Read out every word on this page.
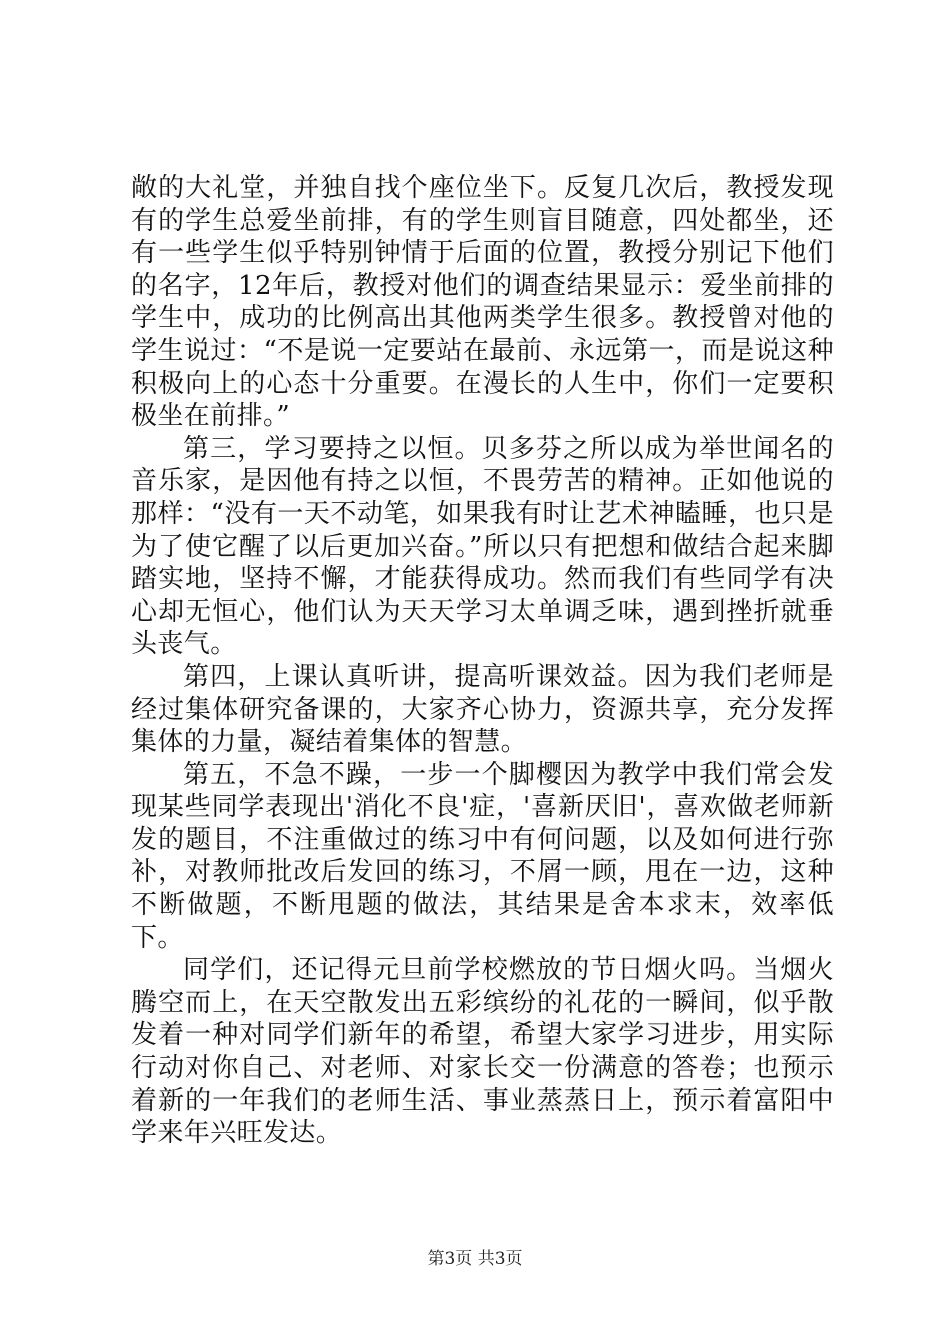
敞的大礼堂，并独自找个座位坐下。反复几次后，教授发现有的学生总爱坐前排，有的学生则盲目随意，四处都坐，还有一些学生似乎特别钟情于后面的位置，教授分别记下他们的名字，12年后，教授对他们的调查结果显示：爱坐前排的学生中，成功的比例高出其他两类学生很多。教授曾对他的学生说过：“不是说一定要站在最前、永远第一，而是说这种积极向上的心态十分重要。在漫长的人生中，你们一定要积极坐在前排。”

第三，学习要持之以恒。贝多芬之所以成为举世闻名的音乐家，是因他有持之以恒，不畏劳苦的精神。正如他说的那样：“没有一天不动笔，如果我有时让艺术神瞌睡，也只是为了使它醒了以后更加兴奋。”所以只有把想和做结合起来脚踏实地，坚持不懈，才能获得成功。然而我们有些同学有决心却无恒心，他们认为天天学习太单调乏味，遇到挫折就垂头丧气。

第四，上课认真听讲，提高听课效益。因为我们老师是经过集体研究备课的，大家齐心协力，资源共享，充分发挥集体的力量，凝结着集体的智慧。

第五，不急不躁，一步一个脚樱因为教学中我们常会发现某些同学表现出'消化不良'症，'喜新厌旧'，喜欢做老师新发的题目，不注重做过的练习中有何问题，以及如何进行弥补，对教师批改后发回的练习，不屑一顾，甩在一边，这种不断做题，不断甩题的做法，其结果是舍本求末，效率低下。

同学们，还记得元旦前学校燃放的节日烟火吗。当烟火腾空而上，在天空散发出五彩缤纷的礼花的一瞬间，似乎散发着一种对同学们新年的希望，希望大家学习进步，用实际行动对你自己、对老师、对家长交一份满意的答卷；也预示着新的一年我们的老师生活、事业蒸蒸日上，预示着富阳中学来年兴旺发达。

第3页 共3页
